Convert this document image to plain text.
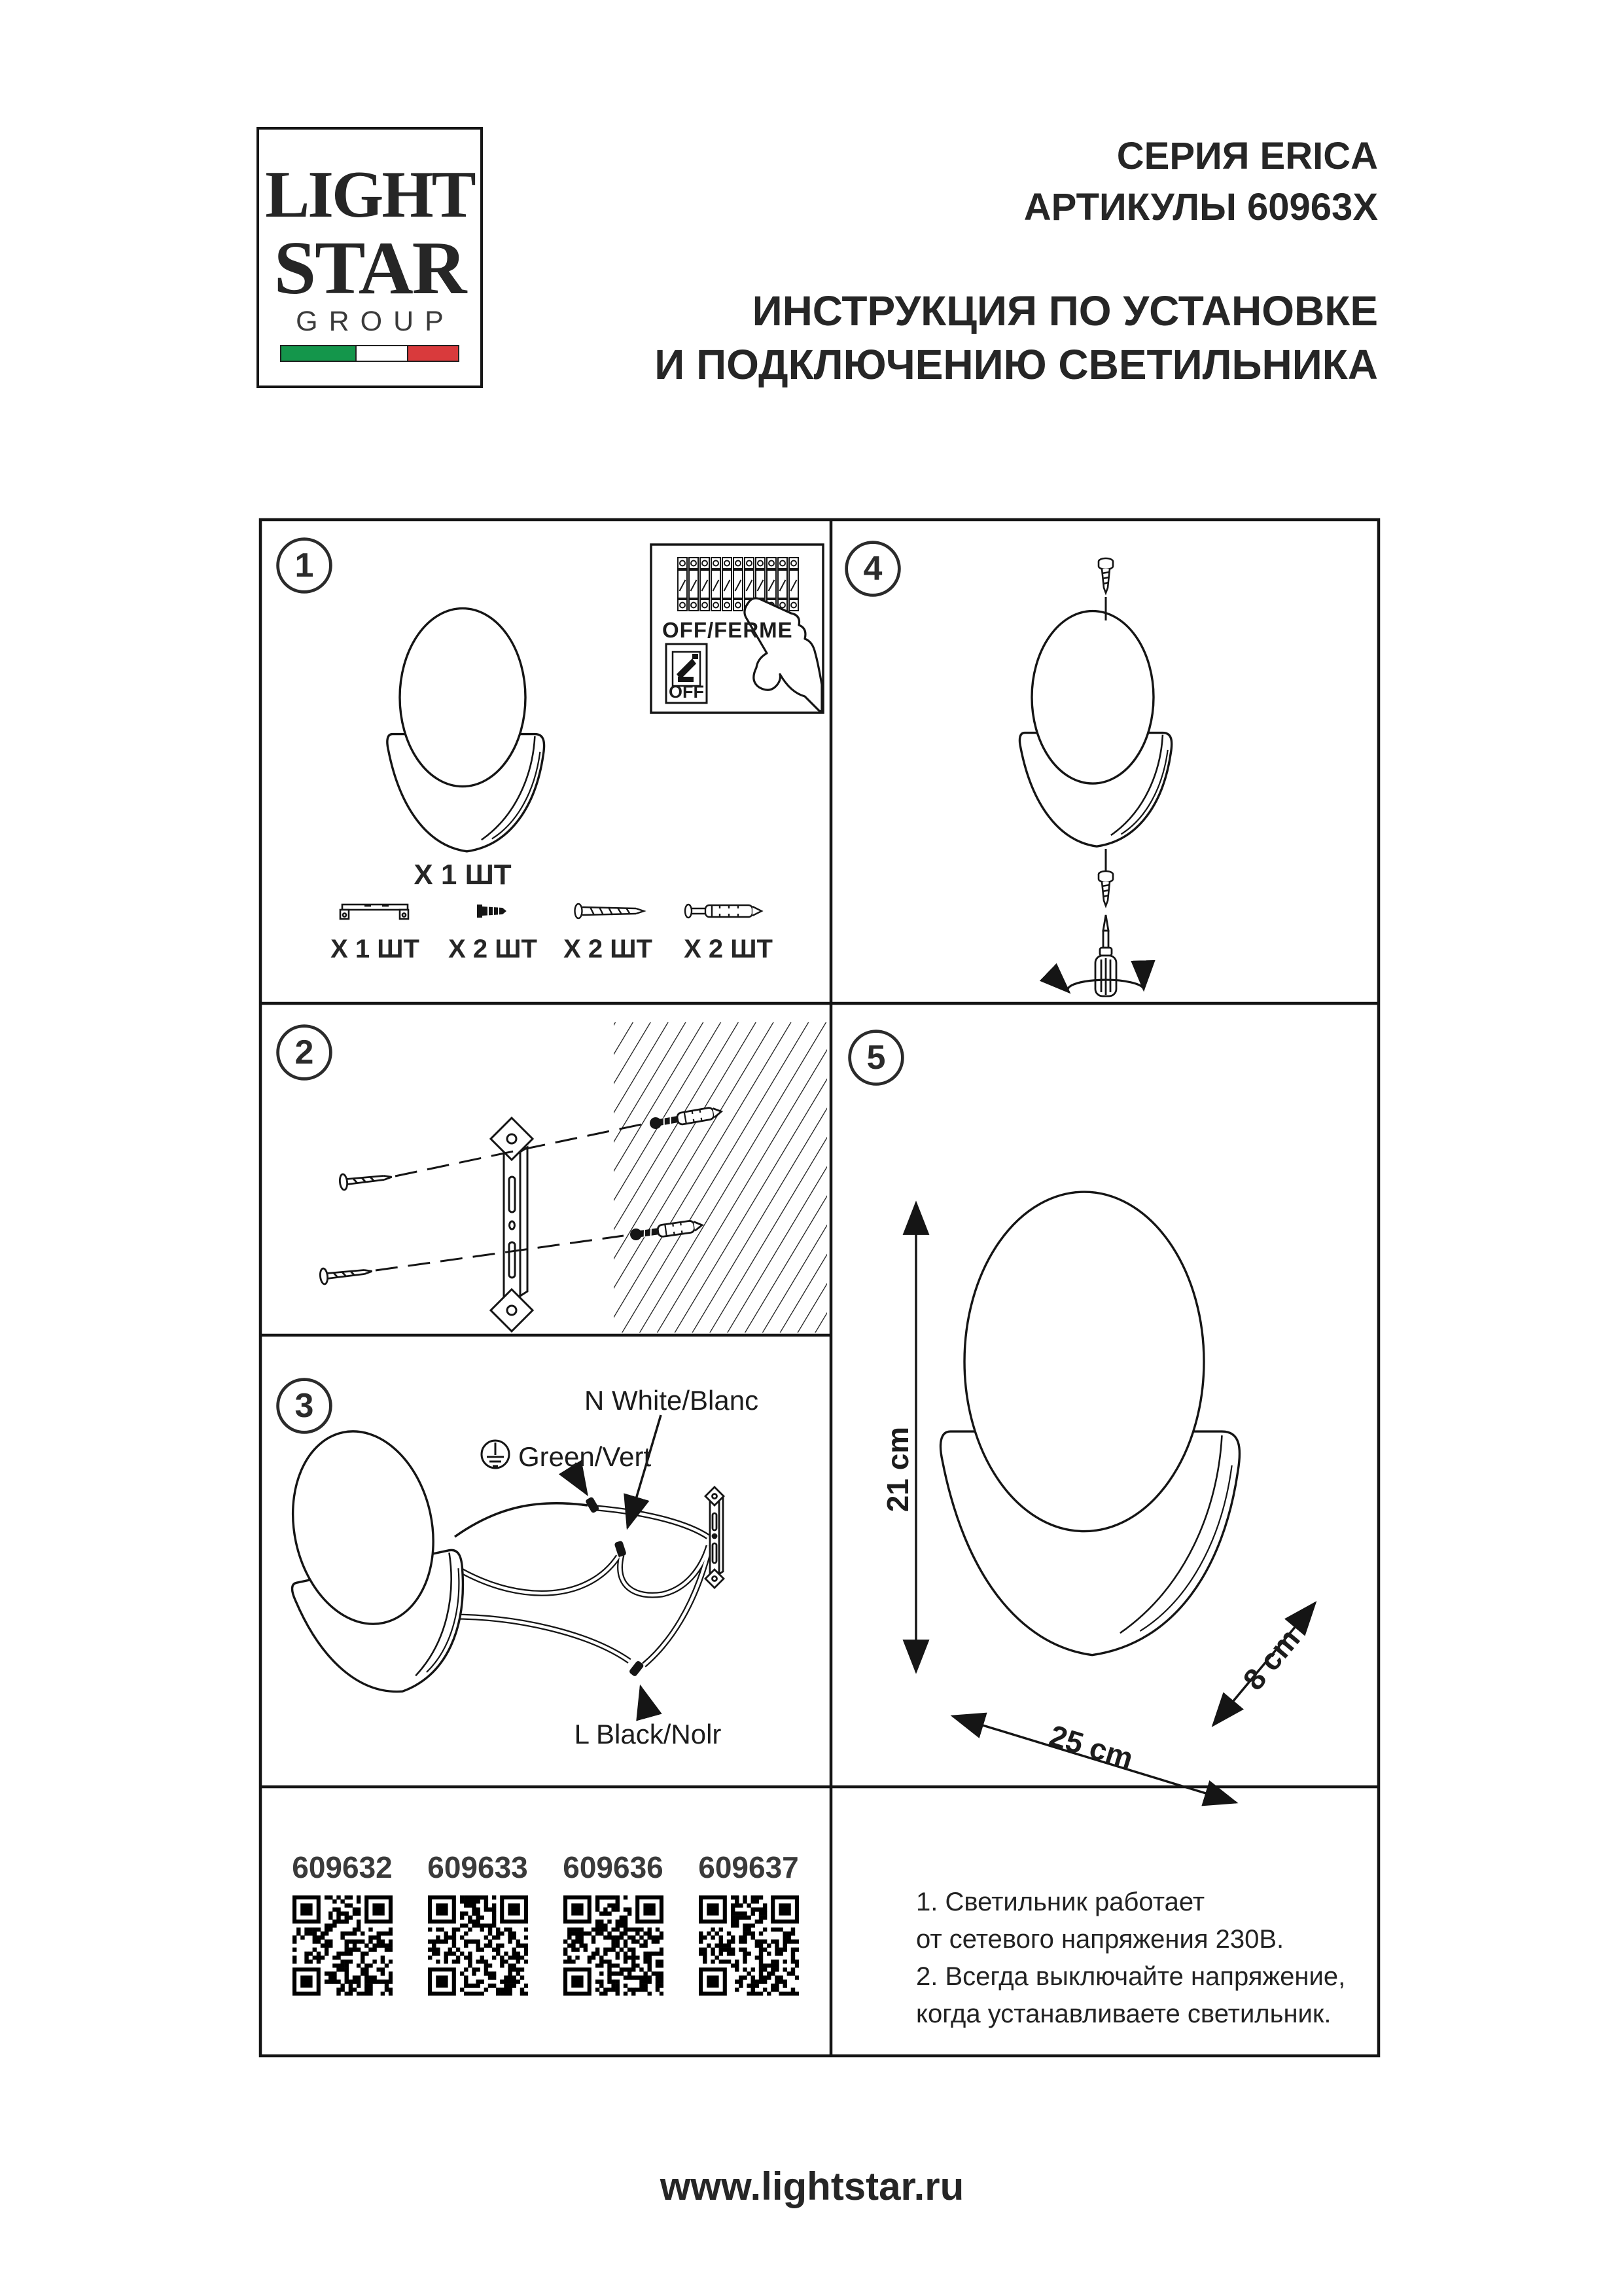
LIGHT
STAR
GROUP
СЕРИЯ ERICA
АРТИКУЛЫ 60963Х
ИНСТРУКЦИЯ ПО УСТАНОВКЕ
И ПОДКЛЮЧЕНИЮ СВЕТИЛЬНИКА
1
2
3
4
5
Х 1 ШТ
Х 1 ШТ	Х 2 ШТ	Х 2 ШТ	Х 2 ШТ
OFF/FERME
OFF
N White/Blanc
Green/Vert
L Black/Nolr
21 cm
25 cm
8 cm
609632 609633 609636 609637
1. Светильник работает
от сетевого напряжения 230В.
2. Всегда выключайте напряжение,
когда устанавливаете светильник.
www.lightstar.ru
